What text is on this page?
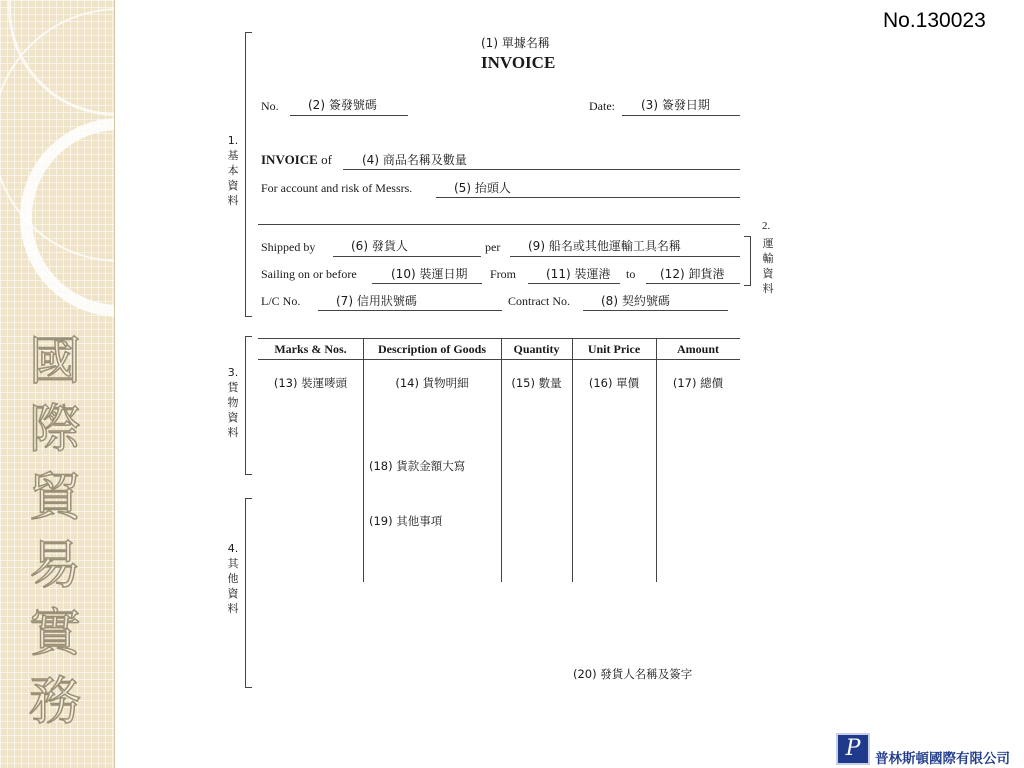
國際貿易實務
No.130023
(1) 單據名稱
INVOICE
1.基本資料
No. (2) 簽發號碼	Date: (3) 簽發日期
INVOICE of	(4) 商品名稱及數量
For account and risk of Messrs.	(5) 抬頭人
2.
運輸資料
Shipped by	(6) 發貨人	per (9) 船名或其他運輸工具名稱
Sailing on or before	(10) 裝運日期 From (11) 裝運港 to (12) 卸貨港
L/C No.	(7) 信用狀號碼	Contract No.	(8) 契約號碼
3.貨物資料
Marks & Nos.	Description of Goods	Quantity	Unit Price	Amount
(13) 裝運嘜頭	(14) 貨物明細	(15) 數量	(16) 單價	(17) 總價
(18) 貨款金額大寫
(19) 其他事項
4.其他資料
(20) 發貨人名稱及簽字
P	普林斯頓國際有限公司
